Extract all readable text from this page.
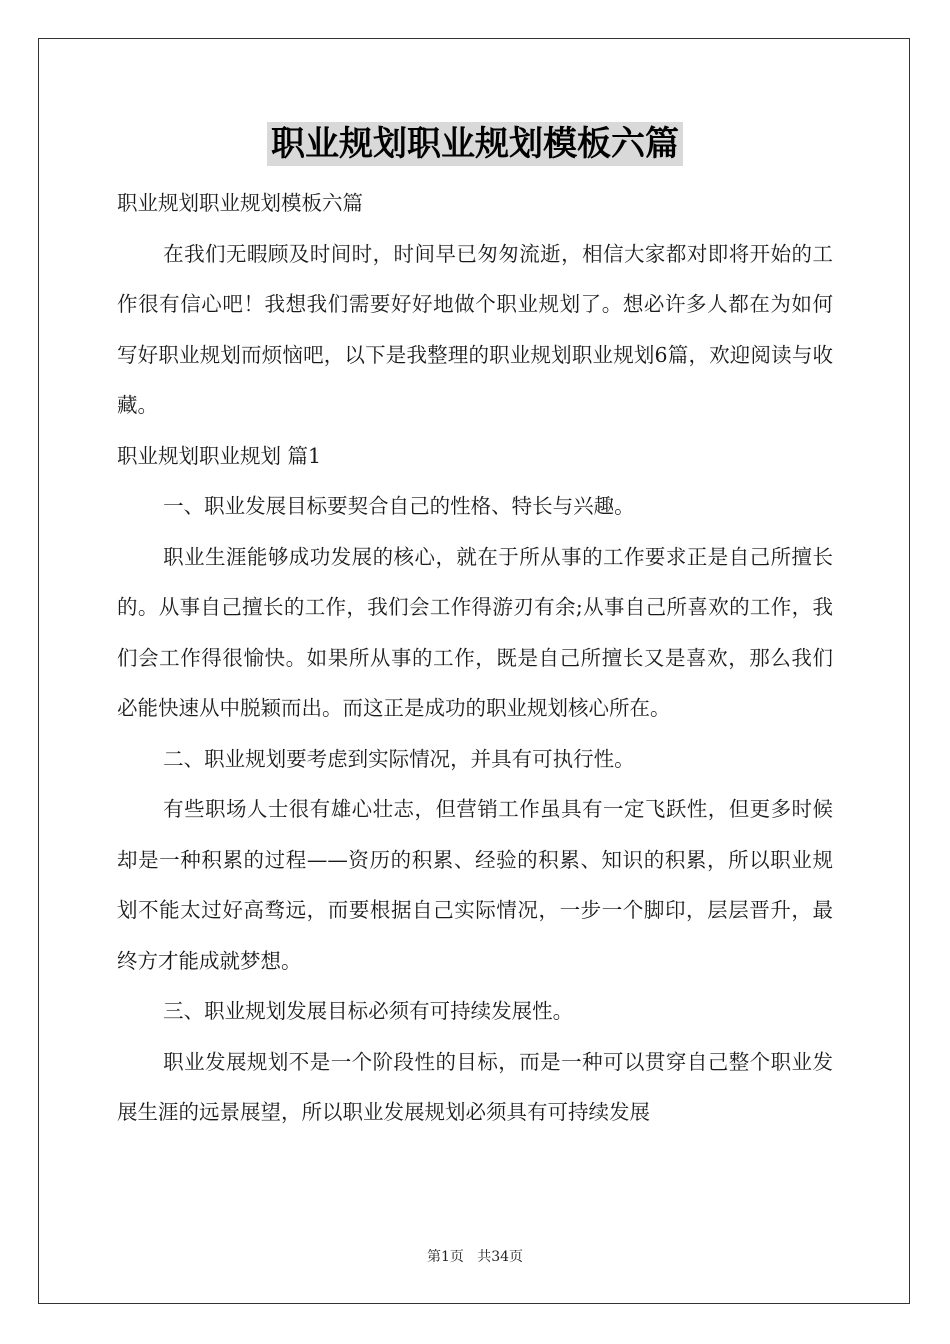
职业规划职业规划模板六篇

职业规划职业规划模板六篇

在我们无暇顾及时间时，时间早已匆匆流逝，相信大家都对即将开始的工作很有信心吧！我想我们需要好好地做个职业规划了。想必许多人都在为如何写好职业规划而烦恼吧，以下是我整理的职业规划职业规划6篇，欢迎阅读与收藏。

职业规划职业规划 篇1

一、职业发展目标要契合自己的性格、特长与兴趣。

职业生涯能够成功发展的核心，就在于所从事的工作要求正是自己所擅长的。从事自己擅长的工作，我们会工作得游刃有余;从事自己所喜欢的工作，我们会工作得很愉快。如果所从事的工作，既是自己所擅长又是喜欢，那么我们必能快速从中脱颖而出。而这正是成功的职业规划核心所在。

二、职业规划要考虑到实际情况，并具有可执行性。

有些职场人士很有雄心壮志，但营销工作虽具有一定飞跃性，但更多时候却是一种积累的过程——资历的积累、经验的积累、知识的积累，所以职业规划不能太过好高骛远，而要根据自己实际情况，一步一个脚印，层层晋升，最终方才能成就梦想。

三、职业规划发展目标必须有可持续发展性。

职业发展规划不是一个阶段性的目标，而是一种可以贯穿自己整个职业发展生涯的远景展望，所以职业发展规划必须具有可持续发展

第1页   共34页
